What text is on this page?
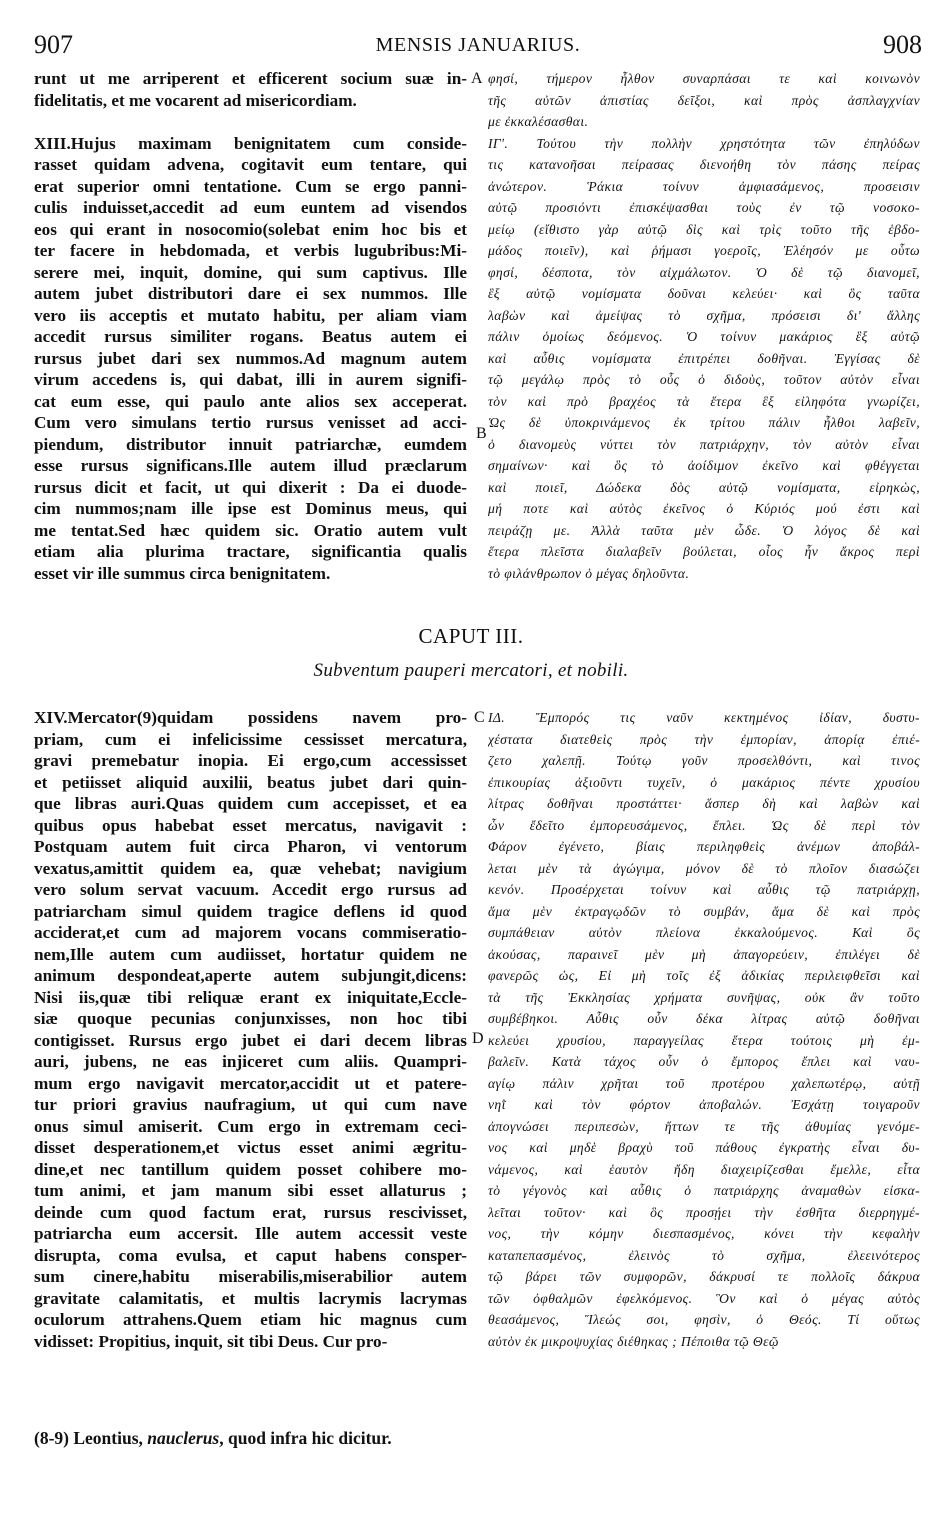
907	MENSIS JANUARIUS.	908
runt ut me arriperent et efficerent socium suæ in-
fidelitatis, et me vocarent ad misericordiam.
XIII.Hujus maximam benignitatem cum conside-
rasset quidam advena, cogitavit eum tentare, qui
erat superior omni tentatione. Cum se ergo panni-
culis induisset,accedit ad eum euntem ad visendos
eos qui erant in nosocomio(solebat enim hoc bis et
ter facere in hebdomada, et verbis lugubribus:Mi-
serere mei, inquit, domine, qui sum captivus. Ille
autem jubet distributori dare ei sex nummos. Ille
vero iis acceptis et mutato habitu, per aliam viam
accedit rursus similiter rogans. Beatus autem ei
rursus jubet dari sex nummos.Ad magnum autem
virum accedens is, qui dabat, illi in aurem signifi-
cat eum esse, qui paulo ante alios sex acceperat.
Cum vero simulans tertio rursus venisset ad acci-
piendum, distributor innuit patriarchæ, eumdem
esse rursus significans.Ille autem illud præclarum
rursus dicit et facit, ut qui dixerit : Da ei duode-
cim nummos;nam ille ipse est Dominus meus, qui
me tentat.Sed hæc quidem sic. Oratio autem vult
etiam alia plurima tractare, significantia qualis
esset vir ille summus circa benignitatem.
φησί, τήμερον ἦλθον συναρπάσαι τε καὶ κοινωνὸν
τῆς αὐτῶν ἀπιστίας δεῖξοι, καὶ πρὸς ἀσπλαγχνίαν
με ἐκκαλέσασθαι.
ΙΓʹ. Τούτου τὴν πολλὴν χρηστότητα τῶν ἐπηλύδων
τις κατανοῆσαι πείρασας διενοήθη τὸν πάσης πείρας
ἀνώτερον. Ῥάκια τοίνυν ἀμφιασάμενος, προσεισιν
αὐτῷ προσιόντι ἐπισκέψασθαι τοὺς ἐν τῷ νοσοκο-
μείῳ (εἴθιστο γὰρ αὐτῷ δὶς καὶ τρὶς τοῦτο τῆς ἑβδο-
μάδος ποιεῖν), καὶ ῥήμασι γοεροῖς, Ἐλέησόν με οὗτω
φησί, δέσποτα, τὸν αἰχμάλωτον. Ὁ δὲ τῷ διανομεῖ,
ἓξ αὐτῷ νομίσματα δοῦναι κελεύει· καὶ ὃς ταῦτα
λαβὼν καὶ ἀμείψας τὸ σχῆμα, πρόσεισι δι' ἄλλης
πάλιν ὁμοίως δεόμενος. Ὁ τοίνυν μακάριος ἓξ αὐτῷ
καὶ αὖθις νομίσματα ἐπιτρέπει δοθῆναι. Ἐγγίσας δὲ
τῷ μεγάλῳ πρὸς τὸ οὖς ὁ διδοὺς, τοῦτον αὐτὸν εἶναι
τὸν καὶ πρὸ βραχέος τὰ ἕτερα ἓξ εἰληφότα γνωρίζει,
Ὡς δὲ ὑποκρινάμενος ἐκ τρίτου πάλιν ἦλθοι λαβεῖν,
ὁ διανομεὺς νύττει τὸν πατριάρχην, τὸν αὐτὸν εἶναι
σημαίνων· καὶ ὃς τὸ ἀοίδιμον ἐκεῖνο καὶ φθέγγεται
καὶ ποιεῖ, Δώδεκα δὸς αὐτῷ νομίσματα, εἰρηκὼς,
μή ποτε καὶ αὐτὸς ἐκεῖνος ὁ Κύριός μού ἐστι καὶ
πειράζῃ με. Ἀλλὰ ταῦτα μὲν ὧδε. Ὁ λόγος δὲ καὶ
ἕτερα πλεῖστα διαλαβεῖν βούλεται, οἷος ἦν ἄκρος περὶ
τὸ φιλάνθρωπον ὁ μέγας δηλοῦντα.
A
B
CAPUT III.
Subventum pauperi mercatori, et nobili.
XIV.Mercator(9)quidam possidens navem pro-
priam, cum ei infelicissime cessisset mercatura,
gravi premebatur inopia. Ei ergo,cum accessisset
et petiisset aliquid auxilii, beatus jubet dari quin-
que libras auri.Quas quidem cum accepisset, et ea
quibus opus habebat esset mercatus, navigavit :
Postquam autem fuit circa Pharon, vi ventorum
vexatus,amittit quidem ea, quæ vehebat; navigium
vero solum servat vacuum. Accedit ergo rursus ad
patriarcham simul quidem tragice deflens id quod
acciderat,et cum ad majorem vocans commiseratio-
nem,Ille autem cum audiisset, hortatur quidem ne
animum despondeat,aperte autem subjungit,dicens:
Nisi iis,quæ tibi reliquæ erant ex iniquitate,Eccle-
siæ quoque pecunias conjunxisses, non hoc tibi
contigisset. Rursus ergo jubet ei dari decem libras
auri, jubens, ne eas injiceret cum aliis. Quampri-
mum ergo navigavit mercator,accidit ut et patere-
tur priori gravius naufragium, ut qui cum nave
onus simul amiserit. Cum ergo in extremam ceci-
disset desperationem,et victus esset animi ægritu-
dine,et nec tantillum quidem posset cohibere mo-
tum animi, et jam manum sibi esset allaturus ;
deinde cum quod factum erat, rursus rescivisset,
patriarcha eum accersit. Ille autem accessit veste
disrupta, coma evulsa, et caput habens consper-
sum cinere,habitu miserabilis,miserabilior autem
gravitate calamitatis, et multis lacrymis lacrymas
oculorum attrahens.Quem etiam hic magnus cum
vidisset: Propitius, inquit, sit tibi Deus. Cur pro-
ΙΔ. Ἔμπορός τις ναῦν κεκτημένος ἰδίαν, δυστυ-
χέστατα διατεθεὶς πρὸς τὴν ἐμπορίαν, ἀπορίᾳ ἐπιέ-
ζετο χαλεπῇ. Τούτῳ γοῦν προσελθόντι, καὶ τινος
ἐπικουρίας ἀξιοῦντι τυχεῖν, ὁ μακάριος πέντε χρυσίου
λίτρας δοθῆναι προστάττει· ἅσπερ δὴ καὶ λαβὼν καὶ
ὧν ἔδεῖτο ἐμπορευσάμενος, ἔπλει. Ὡς δὲ περὶ τὸν
Φάρον ἐγένετο, βίαις περιληφθεὶς ἀνέμων ἀποβάλ-
λεται μὲν τὰ ἀγώγιμα, μόνον δὲ τὸ πλοῖον διασώζει
κενόν. Προσέρχεται τοίνυν καὶ αὖθις τῷ πατριάρχῃ,
ἅμα μὲν ἐκτραγῳδῶν τὸ συμβάν, ἅμα δὲ καὶ πρὸς
συμπάθειαν αὐτὸν πλείονα ἐκκαλούμενος. Καὶ ὃς
ἀκούσας, παραινεῖ μὲν μὴ ἀπαγορεύειν, ἐπιλέγει δὲ
φανερῶς ὡς, Εἰ μὴ τοῖς ἐξ ἀδικίας περιλειφθεῖσι καὶ
τὰ τῆς Ἐκκλησίας χρήματα συνῆψας, οὐκ ἂν τοῦτο
συμβέβηκοι. Αὖθις οὖν δέκα λίτρας αὐτῷ δοθῆναι
κελεύει χρυσίου, παραγγείλας ἕτερα τούτοις μὴ ἐμ-
βαλεῖν. Κατὰ τάχος οὖν ὁ ἔμπορος ἔπλει καὶ ναυ-
αγίῳ πάλιν χρῆται τοῦ προτέρου χαλεπωτέρῳ, αὐτῇ
νηῒ καὶ τὸν φόρτον ἀποβαλών. Ἐσχάτῃ τοιγαροῦν
ἀπογνώσει περιπεσὼν, ἥττων τε τῆς ἀθυμίας γενόμε-
νος καὶ μηδὲ βραχὺ τοῦ πάθους ἐγκρατὴς εἶναι δυ-
νάμενος, καὶ ἑαυτὸν ἤδη διαχειρίζεσθαι ἔμελλε, εἶτα
τὸ γέγονὸς καὶ αὖθις ὁ πατριάρχης ἀναμαθὼν εἰσκα-
λεῖται τοῦτον· καὶ ὃς προσῄει τὴν ἐσθῆτα διερρηγμέ-
νος, τὴν κόμην διεσπασμένος, κόνει τὴν κεφαλὴν
καταπεπασμένος, ἐλεινὸς τὸ σχῆμα, ἐλεεινότερος
τῷ βάρει τῶν συμφορῶν, δάκρυσί τε πολλοῖς δάκρυα
τῶν ὀφθαλμῶν ἐφελκόμενος. Ὃν καὶ ὁ μέγας αὐτὸς
θεασάμενος, Ἵλεώς σοι, φησὶν, ὁ Θεός. Τί οὕτως
αὐτὸν ἐκ μικροψυχίας διέθηκας ; Πέποιθα τῷ Θεῷ
C
D
(8-9) Leontius, nauclerus, quod infra hic dicitur.
